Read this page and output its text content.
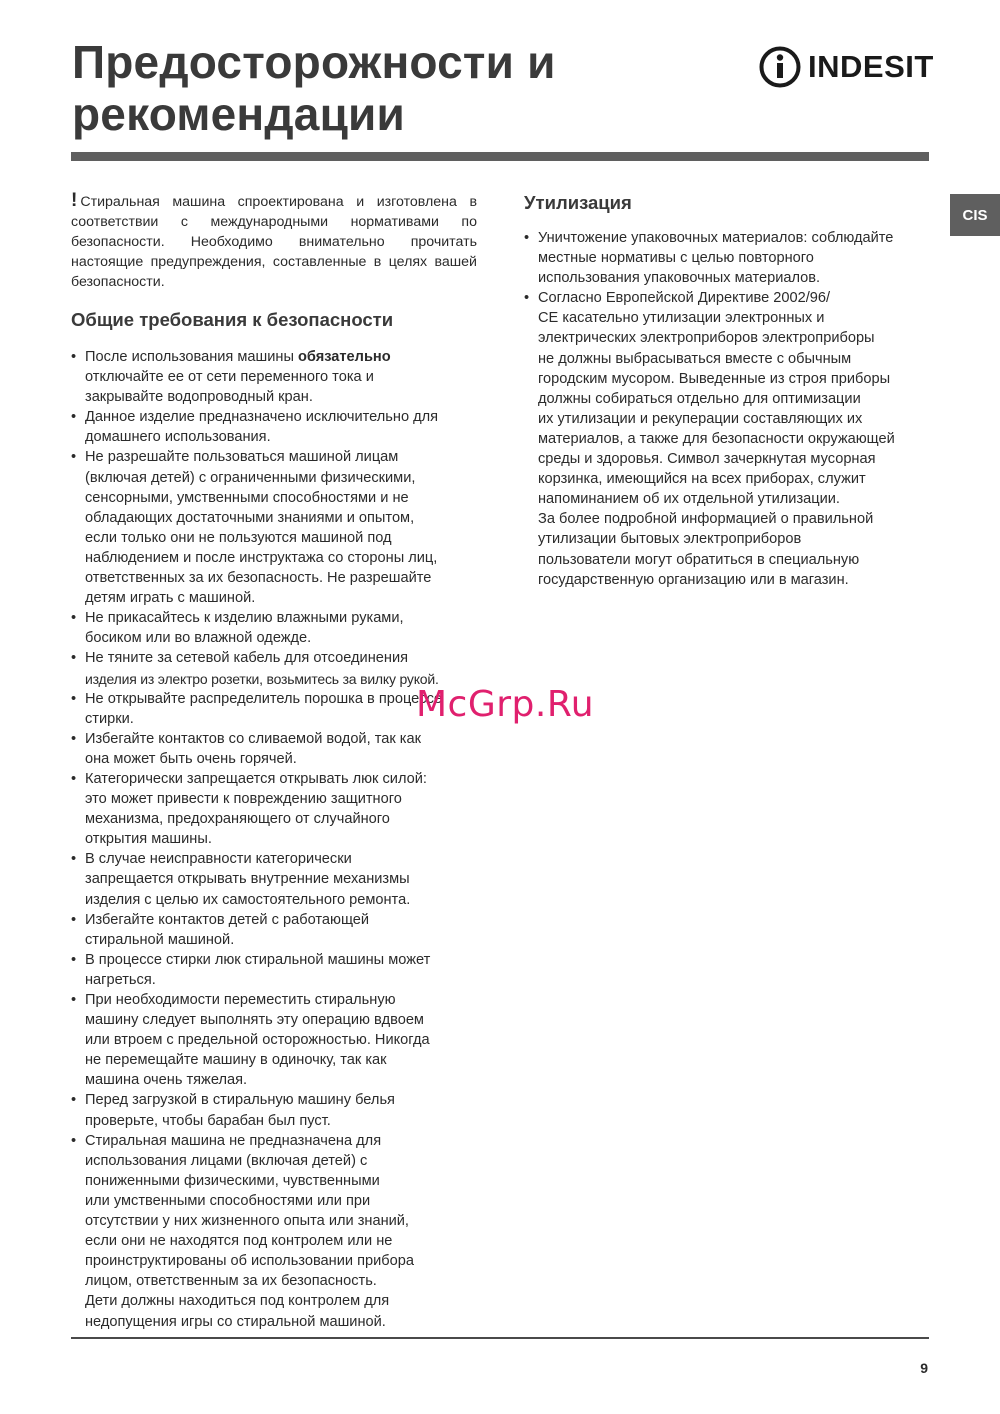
Предосторожности и
рекомендации
INDESIT
CIS

! Стиральная машина спроектирована и изготовлена в соответствии с международными нормативами по безопасности. Необходимо внимательно прочитать настоящие предупреждения, составленные в целях вашей безопасности.

Общие требования к безопасности
• После использования машины обязательно
отключайте ее от сети переменного тока и
закрывайте водопроводный кран.
• Данное изделие предназначено исключительно для
домашнего использования.
• Не разрешайте пользоваться машиной лицам
(включая детей) с ограниченными физическими,
сенсорными, умственными способностями и не
обладающих достаточными знаниями и опытом,
если только они не пользуются машиной под
наблюдением и после инструктажа со стороны лиц,
ответственных за их безопасность. Не разрешайте
детям играть с машиной.
• Не прикасайтесь к изделию влажными руками,
босиком или во влажной одежде.
• Не тяните за сетевой кабель для отсоединения
изделия из электро розетки, возьмитесь за вилку рукой.
• Не открывайте распределитель порошка в процессе
стирки.
• Избегайте контактов со сливаемой водой, так как
она может быть очень горячей.
• Категорически запрещается открывать люк силой:
это может привести к повреждению защитного
механизма, предохраняющего от случайного
открытия машины.
• В случае неисправности категорически
запрещается открывать внутренние механизмы
изделия с целью их самостоятельного ремонта.
• Избегайте контактов детей с работающей
стиральной машиной.
• В процессе стирки люк стиральной машины может
нагреться.
• При необходимости переместить стиральную
машину следует выполнять эту операцию вдвоем
или втроем с предельной осторожностью. Никогда
не перемещайте машину в одиночку, так как
машина очень тяжелая.
• Перед загрузкой в стиральную машину белья
проверьте, чтобы барабан был пуст.
• Стиральная машина не предназначена для
использования лицами (включая детей) с
пониженными физическими, чувственными
или умственными способностями или при
отсутствии у них жизненного опыта или знаний,
если они не находятся под контролем или не
проинструктированы об использовании прибора
лицом, ответственным за их безопасность.
Дети должны находиться под контролем для
недопущения игры со стиральной машиной.
Утилизация
• Уничтожение упаковочных материалов: соблюдайте
местные нормативы с целью повторного
использования упаковочных материалов.
• Согласно Европейской Директиве 2002/96/
CE касательно утилизации электронных и
электрических электроприборов электроприборы
не должны выбрасываться вместе с обычным
городским мусором. Выведенные из строя приборы
должны собираться отдельно для оптимизации
их утилизации и рекуперации составляющих их
материалов, а также для безопасности окружающей
среды и здоровья. Символ зачеркнутая мусорная
корзинка, имеющийся на всех приборах, служит
напоминанием об их отдельной утилизации.
За более подробной информацией о правильной
утилизации бытовых электроприборов
пользователи могут обратиться в специальную
государственную организацию или в магазин.
McGrp.Ru
9
